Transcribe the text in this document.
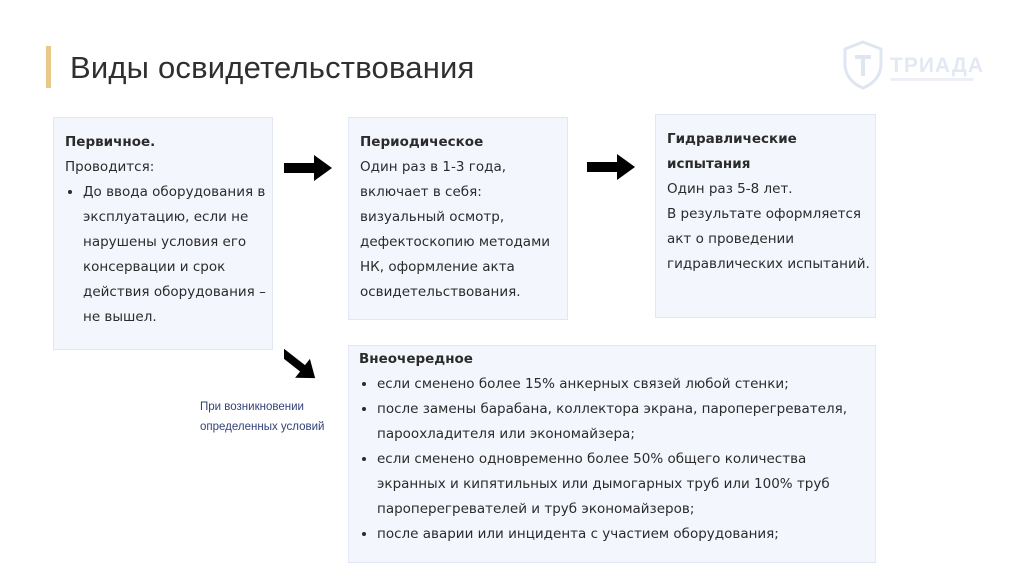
Виды освидетельствования	ТРИАДА
Первичное.
Проводится:
• До ввода оборудования в эксплуатацию, если не нарушены условия его консервации и срок действия оборудования – не вышел.
Периодическое
Один раз в 1-3 года, включает в себя: визуальный осмотр, дефектоскопию методами НК, оформление акта освидетельствования.
Гидравлические испытания
Один раз 5-8 лет.
В результате оформляется акт о проведении гидравлических испытаний.
Внеочередное
• если сменено более 15% анкерных связей любой стенки;
• после замены барабана, коллектора экрана, пароперегревателя, пароохладителя или экономайзера;
• если сменено одновременно более 50% общего количества экранных и кипятильных или дымогарных труб или 100% труб пароперегревателей и труб экономайзеров;
• после аварии или инцидента с участием оборудования;
При возникновении определенных условий
